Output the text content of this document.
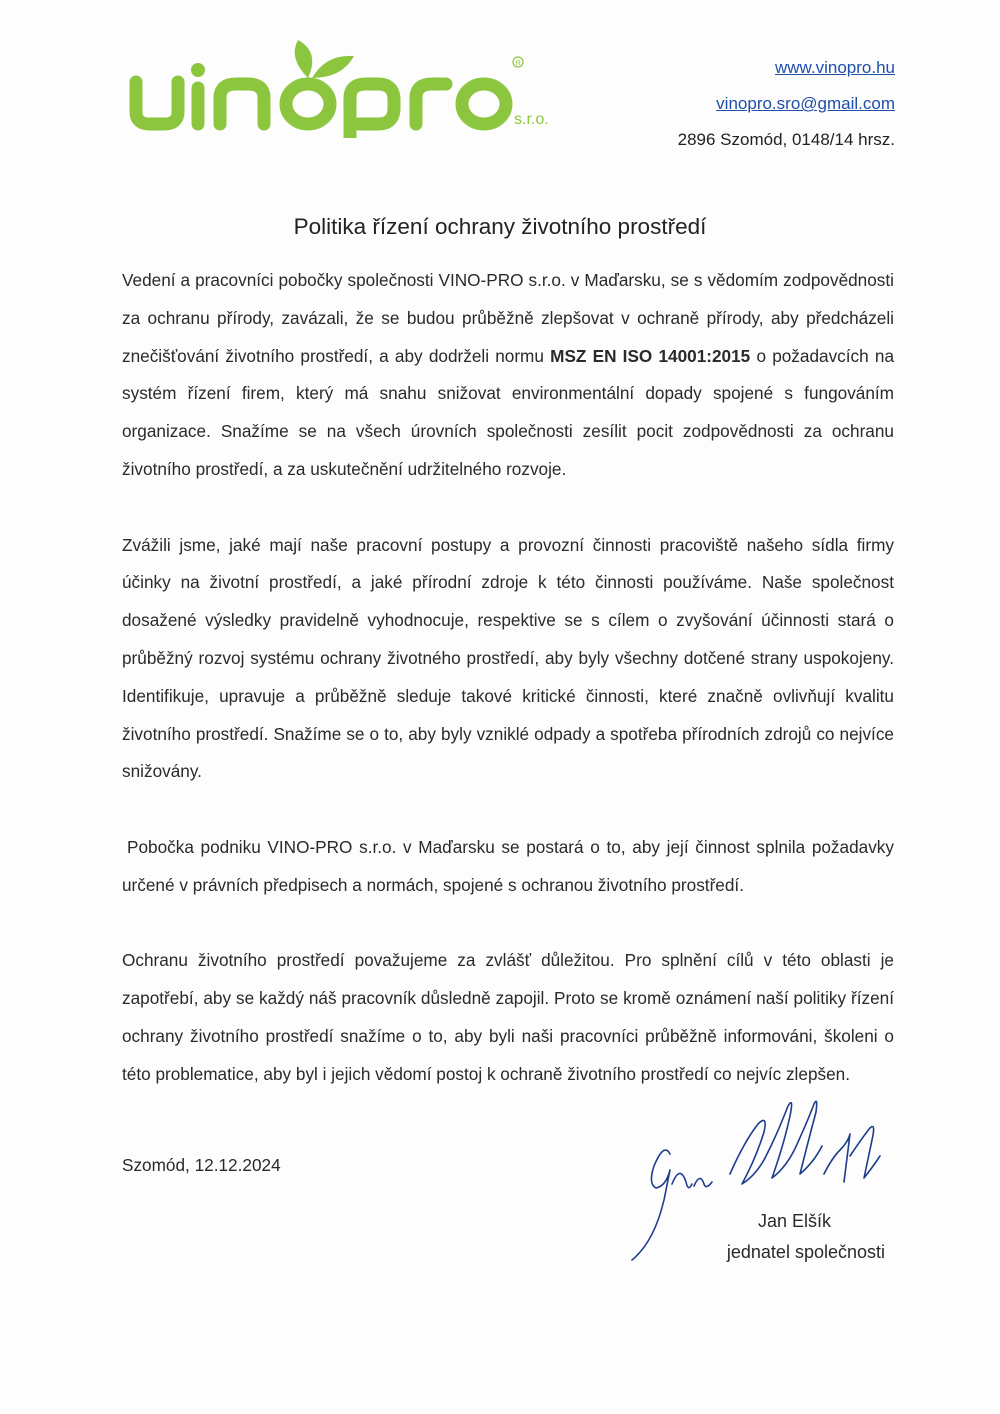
R
s.r.o.
www.vinopro.hu
vinopro.sro@gmail.com
2896 Szomód, 0148/14 hrsz.
Politika řízení ochrany životního prostředí

Vedení a pracovníci pobočky společnosti VINO-PRO s.r.o. v Maďarsku, se s vědomím zodpovědnosti za ochranu přírody, zavázali, že se budou průběžně zlepšovat v ochraně přírody, aby předcházeli znečišťování životního prostředí, a aby dodrželi normu MSZ EN ISO 14001:2015 o požadavcích na systém řízení firem, který má snahu snižovat environmentální dopady spojené s fungováním organizace. Snažíme se na všech úrovních společnosti zesílit pocit zodpovědnosti za ochranu životního prostředí, a za uskutečnění udržitelného rozvoje.

Zvážili jsme, jaké mají naše pracovní postupy a provozní činnosti pracoviště našeho sídla firmy účinky na životní prostředí, a jaké přírodní zdroje k této činnosti používáme. Naše společnost dosažené výsledky pravidelně vyhodnocuje, respektive se s cílem o zvyšování účinnosti stará o průběžný rozvoj systému ochrany životného prostředí, aby byly všechny dotčené strany uspokojeny. Identifikuje, upravuje a průběžně sleduje takové kritické činnosti, které značně ovlivňují kvalitu životního prostředí. Snažíme se o to, aby byly vzniklé odpady a spotřeba přírodních zdrojů co nejvíce snižovány.

Pobočka podniku VINO-PRO s.r.o. v Maďarsku se postará o to, aby její činnost splnila požadavky určené v právních předpisech a normách, spojené s ochranou životního prostředí.

Ochranu životního prostředí považujeme za zvlášť důležitou. Pro splnění cílů v této oblasti je zapotřebí, aby se každý náš pracovník důsledně zapojil. Proto se kromě oznámení naší politiky řízení ochrany životního prostředí snažíme o to, aby byli naši pracovníci průběžně informováni, školeni o této problematice, aby byl i jejich vědomí postoj k ochraně životního prostředí co nejvíc zlepšen.

Szomód, 12.12.2024
Jan Elšík
jednatel společnosti
